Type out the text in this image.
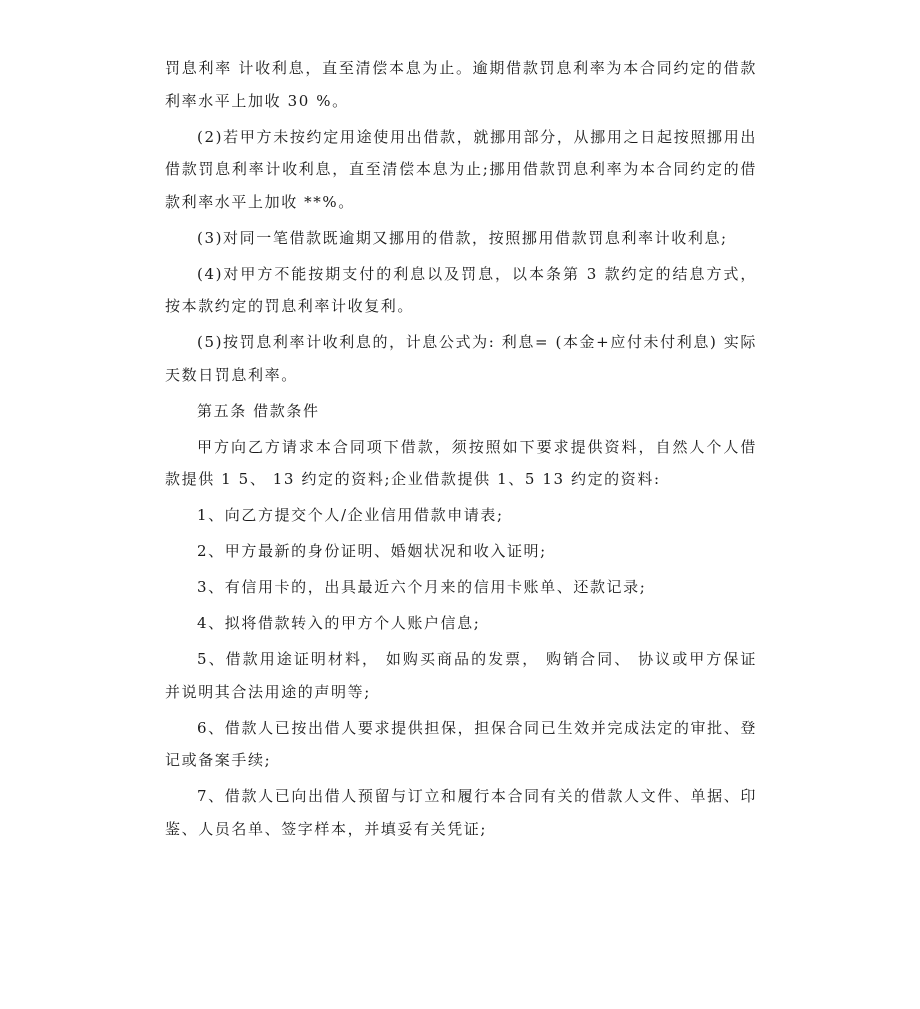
罚息利率 计收利息，直至清偿本息为止。逾期借款罚息利率为本合同约定的借款利率水平上加收 30 %。

(2)若甲方未按约定用途使用出借款，就挪用部分，从挪用之日起按照挪用出借款罚息利率计收利息，直至清偿本息为止;挪用借款罚息利率为本合同约定的借款利率水平上加收 **%。

(3)对同一笔借款既逾期又挪用的借款，按照挪用借款罚息利率计收利息;

(4)对甲方不能按期支付的利息以及罚息，以本条第 3 款约定的结息方式，按本款约定的罚息利率计收复利。

(5)按罚息利率计收利息的，计息公式为: 利息= (本金+应付未付利息) 实际天数日罚息利率。

第五条 借款条件

甲方向乙方请求本合同项下借款，须按照如下要求提供资料，自然人个人借款提供 1 5、 13 约定的资料;企业借款提供 1、5 13 约定的资料:

1、向乙方提交个人/企业信用借款申请表;

2、甲方最新的身份证明、婚姻状况和收入证明;

3、有信用卡的，出具最近六个月来的信用卡账单、还款记录;

4、拟将借款转入的甲方个人账户信息;

5、借款用途证明材料， 如购买商品的发票， 购销合同、 协议或甲方保证并说明其合法用途的声明等;

6、借款人已按出借人要求提供担保，担保合同已生效并完成法定的审批、登记或备案手续;

7、借款人已向出借人预留与订立和履行本合同有关的借款人文件、单据、印鉴、人员名单、签字样本，并填妥有关凭证;
